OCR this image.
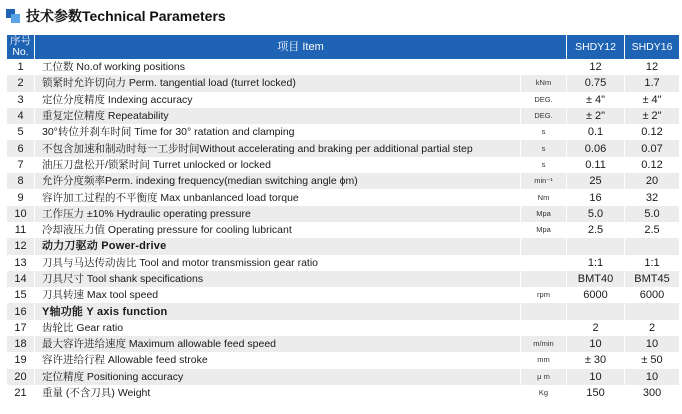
技术参数Technical Parameters
序号
No.	项目 Item		SHDY12	SHDY16
1	工位数 No.of working positions		12	12
2	锁紧时允许切向力 Perm. tangential load (turret locked)	kNm	0.75	1.7
3	定位分度精度 Indexing accuracy	DEG.	± 4"	± 4"
4	重复定位精度 Repeatability	DEG.	± 2"	± 2"
5	30°转位并刹车时间 Time for 30° ratation and clamping	s	0.1	0.12
6	不包含加速和制动时每一工步时间Without accelerating and braking per additional partial step	s	0.06	0.07
7	油压刀盘松开/锁紧时间 Turret unlocked or locked	s	0.11	0.12
8	允许分度频率Perm. indexing frequency(median switching angle ϕm)	min⁻¹	25	20
9	容许加工过程的不平衡度 Max unbanlanced load torque	Nm	16	32
10	工作压力 ±10% Hydraulic operating pressure	Mpa	5.0	5.0
11	冷却液压力值 Operating pressure for cooling lubricant	Mpa	2.5	2.5
12	动力刀驱动 Power-drive			
13	刀具与马达传动齿比 Tool and motor transmission gear ratio		1:1	1:1
14	刀具尺寸 Tool shank specifications		BMT40	BMT45
15	刀具转速 Max tool speed	rpm	6000	6000
16	Y轴功能 Y axis function			
17	齿轮比 Gear ratio		2	2
18	最大容许进给速度 Maximum allowable feed speed	m/min	10	10
19	容许进给行程 Allowable feed stroke	mm	± 30	± 50
20	定位精度 Positioning accuracy	μ m	10	10
21	重量 (不含刀具) Weight	Kg	150	300
